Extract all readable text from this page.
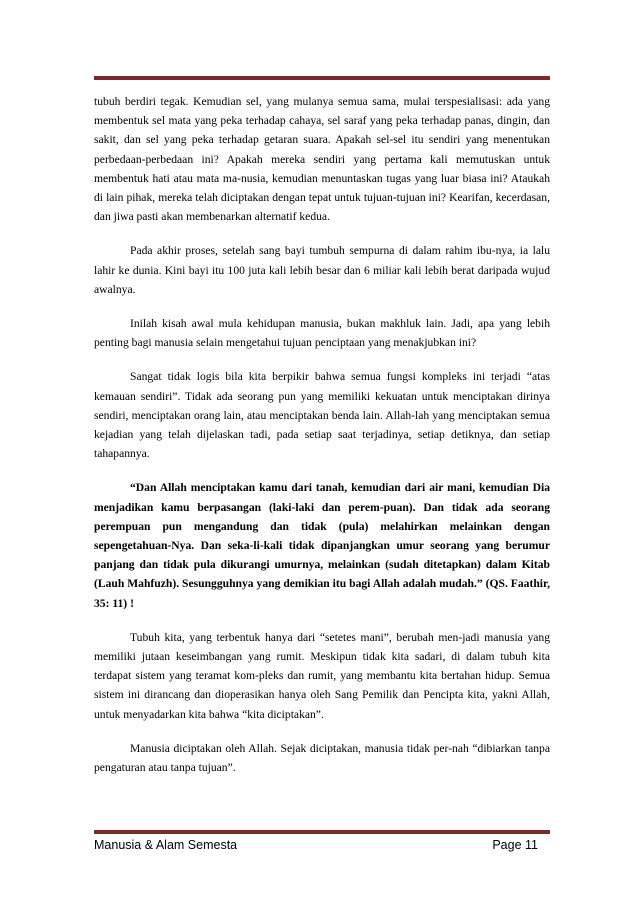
tubuh berdiri tegak. Kemudian sel, yang mulanya semua sama, mulai terspesialisasi: ada yang membentuk sel mata yang peka terhadap cahaya, sel saraf yang peka terhadap panas, dingin, dan sakit, dan sel yang peka terhadap getaran suara. Apakah sel-sel itu sendiri yang menentukan perbedaan-perbedaan ini? Apakah mereka sendiri yang pertama kali memutuskan untuk membentuk hati atau mata ma-nusia, kemudian menuntaskan tugas yang luar biasa ini? Ataukah di lain pihak, mereka telah diciptakan dengan tepat untuk tujuan-tujuan ini? Kearifan, kecerdasan, dan jiwa pasti akan membenarkan alternatif kedua.

Pada akhir proses, setelah sang bayi tumbuh sempurna di dalam rahim ibu-nya, ia lalu lahir ke dunia. Kini bayi itu 100 juta kali lebih besar dan 6 miliar kali lebih berat daripada wujud awalnya.

Inilah kisah awal mula kehidupan manusia, bukan makhluk lain. Jadi, apa yang lebih penting bagi manusia selain mengetahui tujuan penciptaan yang menakjubkan ini?

Sangat tidak logis bila kita berpikir bahwa semua fungsi kompleks ini terjadi “atas kemauan sendiri”. Tidak ada seorang pun yang memiliki kekuatan untuk menciptakan dirinya sendiri, menciptakan orang lain, atau menciptakan benda lain. Allah-lah yang menciptakan semua kejadian yang telah dijelaskan tadi, pada setiap saat terjadinya, setiap detiknya, dan setiap tahapannya.

“Dan Allah menciptakan kamu dari tanah, kemudian dari air mani, kemudian Dia menjadikan kamu berpasangan (laki-laki dan perem-puan). Dan tidak ada seorang perempuan pun mengandung dan tidak (pula) melahirkan melainkan dengan sepengetahuan-Nya. Dan seka-li-kali tidak dipanjangkan umur seorang yang berumur panjang dan tidak pula dikurangi umurnya, melainkan (sudah ditetapkan) dalam Kitab (Lauh Mahfuzh). Sesungguhnya yang demikian itu bagi Allah adalah mudah.” (QS. Faathir, 35: 11) !

Tubuh kita, yang terbentuk hanya dari “setetes mani”, berubah men-jadi manusia yang memiliki jutaan keseimbangan yang rumit. Meskipun tidak kita sadari, di dalam tubuh kita terdapat sistem yang teramat kom-pleks dan rumit, yang membantu kita bertahan hidup. Semua sistem ini dirancang dan dioperasikan hanya oleh Sang Pemilik dan Pencipta kita, yakni Allah, untuk menyadarkan kita bahwa “kita diciptakan”.

Manusia diciptakan oleh Allah. Sejak diciptakan, manusia tidak per-nah “dibiarkan tanpa pengaturan atau tanpa tujuan”.

Manusia & Alam Semesta	Page 11
